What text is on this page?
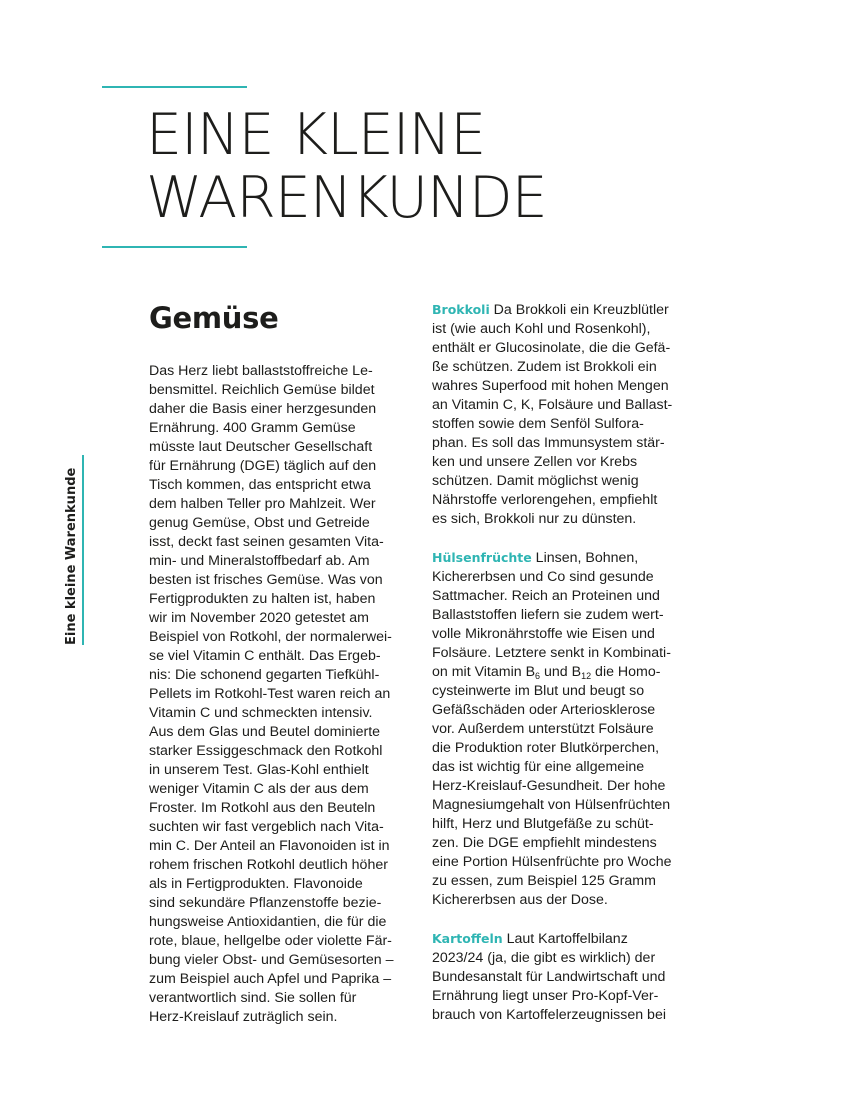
EINE KLEINE
WARENKUNDE
Eine kleine Warenkunde
Gemüse
Das Herz liebt ballaststoffreiche Le-
bensmittel. Reichlich Gemüse bildet
daher die Basis einer herzgesunden
Ernährung. 400 Gramm Gemüse
müsste laut Deutscher Gesellschaft
für Ernährung (DGE) täglich auf den
Tisch kommen, das entspricht etwa
dem halben Teller pro Mahlzeit. Wer
genug Gemüse, Obst und Getreide
isst, deckt fast seinen gesamten Vita-
min- und Mineralstoffbedarf ab. Am
besten ist frisches Gemüse. Was von
Fertigprodukten zu halten ist, haben
wir im November 2020 getestet am
Beispiel von Rotkohl, der normalerwei-
se viel Vitamin C enthält. Das Ergeb-
nis: Die schonend gegarten Tiefkühl-
Pellets im Rotkohl-Test waren reich an
Vitamin C und schmeckten intensiv.
Aus dem Glas und Beutel dominierte
starker Essiggeschmack den Rotkohl
in unserem Test. Glas-Kohl enthielt
weniger Vitamin C als der aus dem
Froster. Im Rotkohl aus den Beuteln
suchten wir fast vergeblich nach Vita-
min C. Der Anteil an Flavonoiden ist in
rohem frischen Rotkohl deutlich höher
als in Fertigprodukten. Flavonoide
sind sekundäre Pflanzenstoffe bezie-
hungsweise Antioxidantien, die für die
rote, blaue, hellgelbe oder violette Fär-
bung vieler Obst- und Gemüsesorten –
zum Beispiel auch Apfel und Paprika –
verantwortlich sind. Sie sollen für
Herz-Kreislauf zuträglich sein.
Brokkoli Da Brokkoli ein Kreuzblütler
ist (wie auch Kohl und Rosenkohl),
enthält er Glucosinolate, die die Gefä-
ße schützen. Zudem ist Brokkoli ein
wahres Superfood mit hohen Mengen
an Vitamin C, K, Folsäure und Ballast-
stoffen sowie dem Senföl Sulfora-
phan. Es soll das Immunsystem stär-
ken und unsere Zellen vor Krebs
schützen. Damit möglichst wenig
Nährstoffe verlorengehen, empfiehlt
es sich, Brokkoli nur zu dünsten.
Hülsenfrüchte Linsen, Bohnen,
Kichererbsen und Co sind gesunde
Sattmacher. Reich an Proteinen und
Ballaststoffen liefern sie zudem wert-
volle Mikronährstoffe wie Eisen und
Folsäure. Letztere senkt in Kombinati-
on mit Vitamin $B_6$ und $B_{12}$ die Homo-
cysteinwerte im Blut und beugt so
Gefäßschäden oder Arteriosklerose
vor. Außerdem unterstützt Folsäure
die Produktion roter Blutkörperchen,
das ist wichtig für eine allgemeine
Herz-Kreislauf-Gesundheit. Der hohe
Magnesiumgehalt von Hülsenfrüchten
hilft, Herz und Blutgefäße zu schüt-
zen. Die DGE empfiehlt mindestens
eine Portion Hülsenfrüchte pro Woche
zu essen, zum Beispiel 125 Gramm
Kichererbsen aus der Dose.
Kartoffeln Laut Kartoffelbilanz
2023/24 (ja, die gibt es wirklich) der
Bundesanstalt für Landwirtschaft und
Ernährung liegt unser Pro-Kopf-Ver-
brauch von Kartoffelerzeugnissen bei
